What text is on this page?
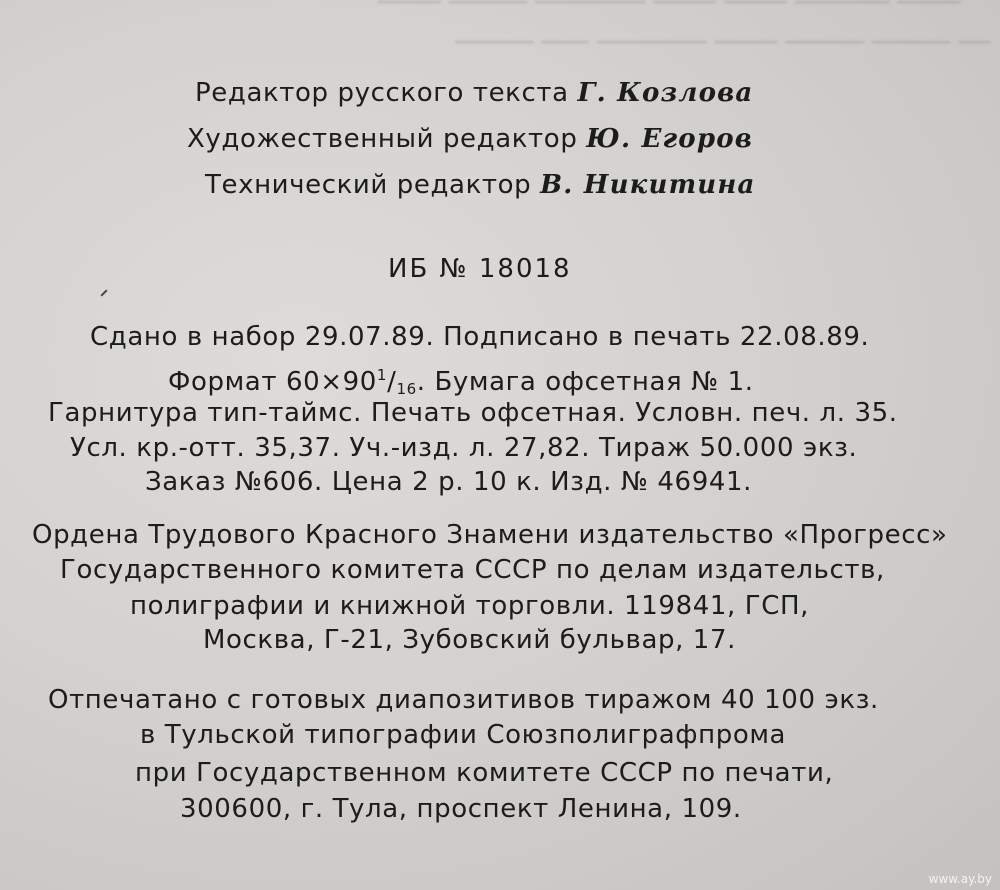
──── ────── ──── ──── ─────── ───── ────
── ───── ───── ──── ─────── ─── ─────
Редактор русского текста Г. Козлова
Художественный редактор Ю. Егоров
Технический редактор В. Никитина
ИБ № 18018
Сдано в набор 29.07.89. Подписано в печать 22.08.89.
Формат $60\times 90^1/_{16}$. Бумага офсетная № 1.
Гарнитура тип-таймс. Печать офсетная. Условн. печ. л. 35.
Усл. кр.-отт. 35,37. Уч.-изд. л. 27,82. Тираж 50.000 экз.
Заказ №606. Цена 2 р. 10 к. Изд. № 46941.
Ордена Трудового Красного Знамени издательство «Прогресс»
Государственного комитета СССР по делам издательств,
полиграфии и книжной торговли. 119841, ГСП,
Москва, Г-21, Зубовский бульвар, 17.
Отпечатано с готовых диапозитивов тиражом 40 100 экз.
в Тульской типографии Союзполиграфпрома
при Государственном комитете СССР по печати,
300600, г. Тула, проспект Ленина, 109.
www.ay.by
